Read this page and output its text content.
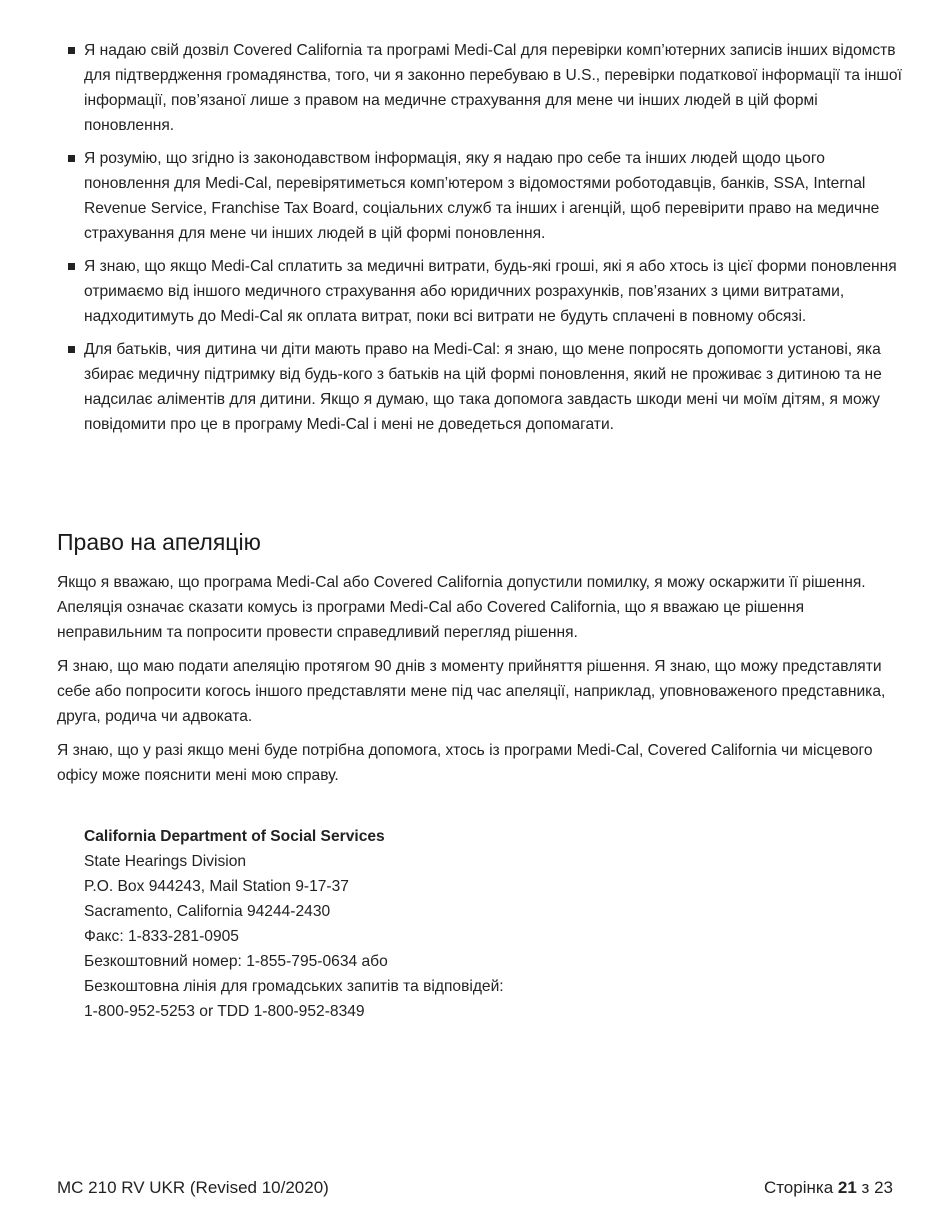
Я надаю свій дозвіл Covered California та програмі Medi-Cal для перевірки комп’ютерних записів інших відомств для підтвердження громадянства, того, чи я законно перебуваю в U.S., перевірки податкової інформації та іншої інформації, пов’язаної лише з правом на медичне страхування для мене чи інших людей в цій формі поновлення.
Я розумію, що згідно із законодавством інформація, яку я надаю про себе та інших людей щодо цього поновлення для Medi-Cal, перевірятиметься комп’ютером з відомостями роботодавців, банків, SSA, Internal Revenue Service, Franchise Tax Board, соціальних служб та інших і агенцій, щоб перевірити право на медичне страхування для мене чи інших людей в цій формі поновлення.
Я знаю, що якщо Medi-Cal сплатить за медичні витрати, будь-які гроші, які я або хтось із цієї форми поновлення отримаємо від іншого медичного страхування або юридичних розрахунків, пов’язаних з цими витратами, надходитимуть до Medi-Cal як оплата витрат, поки всі витрати не будуть сплачені в повному обсязі.
Для батьків, чия дитина чи діти мають право на Medi-Cal: я знаю, що мене попросять допомогти установі, яка збирає медичну підтримку від будь-кого з батьків на цій формі поновлення, який не проживає з дитиною та не надсилає аліментів для дитини. Якщо я думаю, що така допомога завдасть шкоди мені чи моїм дітям, я можу повідомити про це в програму Medi-Cal і мені не доведеться допомагати.
Право на апеляцію

Якщо я вважаю, що програма Medi-Cal або Covered California допустили помилку, я можу оскаржити її рішення. Апеляція означає сказати комусь із програми Medi-Cal або Covered California, що я вважаю це рішення неправильним та попросити провести справедливий перегляд рішення.

Я знаю, що маю подати апеляцію протягом 90 днів з моменту прийняття рішення. Я знаю, що можу представляти себе або попросити когось іншого представляти мене під час апеляції, наприклад, уповноваженого представника, друга, родича чи адвоката.

Я знаю, що у разі якщо мені буде потрібна допомога, хтось із програми Medi-Cal, Covered California чи місцевого офісу може пояснити мені мою справу.

California Department of Social Services
State Hearings Division
P.O. Box 944243, Mail Station 9-17-37
Sacramento, California 94244-2430
Факс: 1-833-281-0905
Безкоштовний номер: 1-855-795-0634 або
Безкоштовна лінія для громадських запитів та відповідей:
1-800-952-5253 or TDD 1-800-952-8349
MC 210 RV UKR (Revised 10/2020)	Сторінка 21 з 23
